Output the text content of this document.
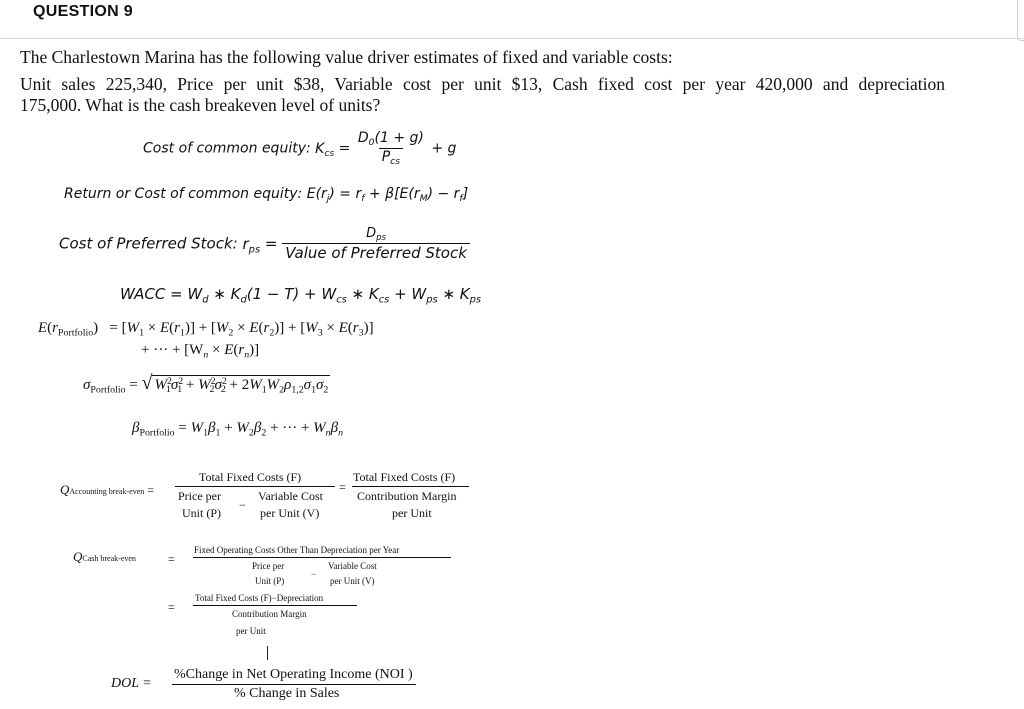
QUESTION 9
The Charlestown Marina has the following value driver estimates of fixed and variable costs:
Unit sales 225,340, Price per unit $38, Variable cost per unit $13, Cash fixed cost per year 420,000 and depreciation
175,000. What is the cash breakeven level of units?
Cost of common equity: $K_{cs} = \frac{D_0(1 + g)}{P_{cs}} + g$
Return or Cost of common equity: $E(r_j) = r_f + \beta[E(r_M) - r_f]$
Cost of Preferred Stock: $r_{ps} = \frac{D_{ps}}{\text{Value of Preferred Stock}}$
WACC = $W_d$ ∗ $K_d(1 - T) + W_{cs}$ ∗ $K_{cs} + W_{ps}$ ∗ $K_{ps}$
$E(r_{Portfolio}) = [W_1 \times E(r_1)] + [W_2 \times E(r_2)] + [W_3 \times E(r_3)]$
+ ··· + $[W_n \times E(r_n)]$
$\sigma_{Portfolio}$ = √ $W^2_1\sigma^2_1 + W^2_2\sigma^2_2 + 2W_1W_2\rho_{1,2}\sigma_1\sigma_2$
$\beta_{Portfolio} = W_1\beta_1 + W_2\beta_2$ + ··· + $W_n\beta_n$
QAccounting break-even =
Total Fixed Costs (F)
Price per
Unit (P)
−
Variable Cost
per Unit (V)
=
Total Fixed Costs (F)
Contribution Margin
per Unit
QCash break-even	=
Fixed Operating Costs Other Than Depreciation per Year
Price per
Unit (P)
−
Variable Cost
per Unit (V)
=
Total Fixed Costs (F)−Depreciation
Contribution Margin
per Unit
DOL =
%Change in Net Operating Income (NOI )
% Change in Sales
